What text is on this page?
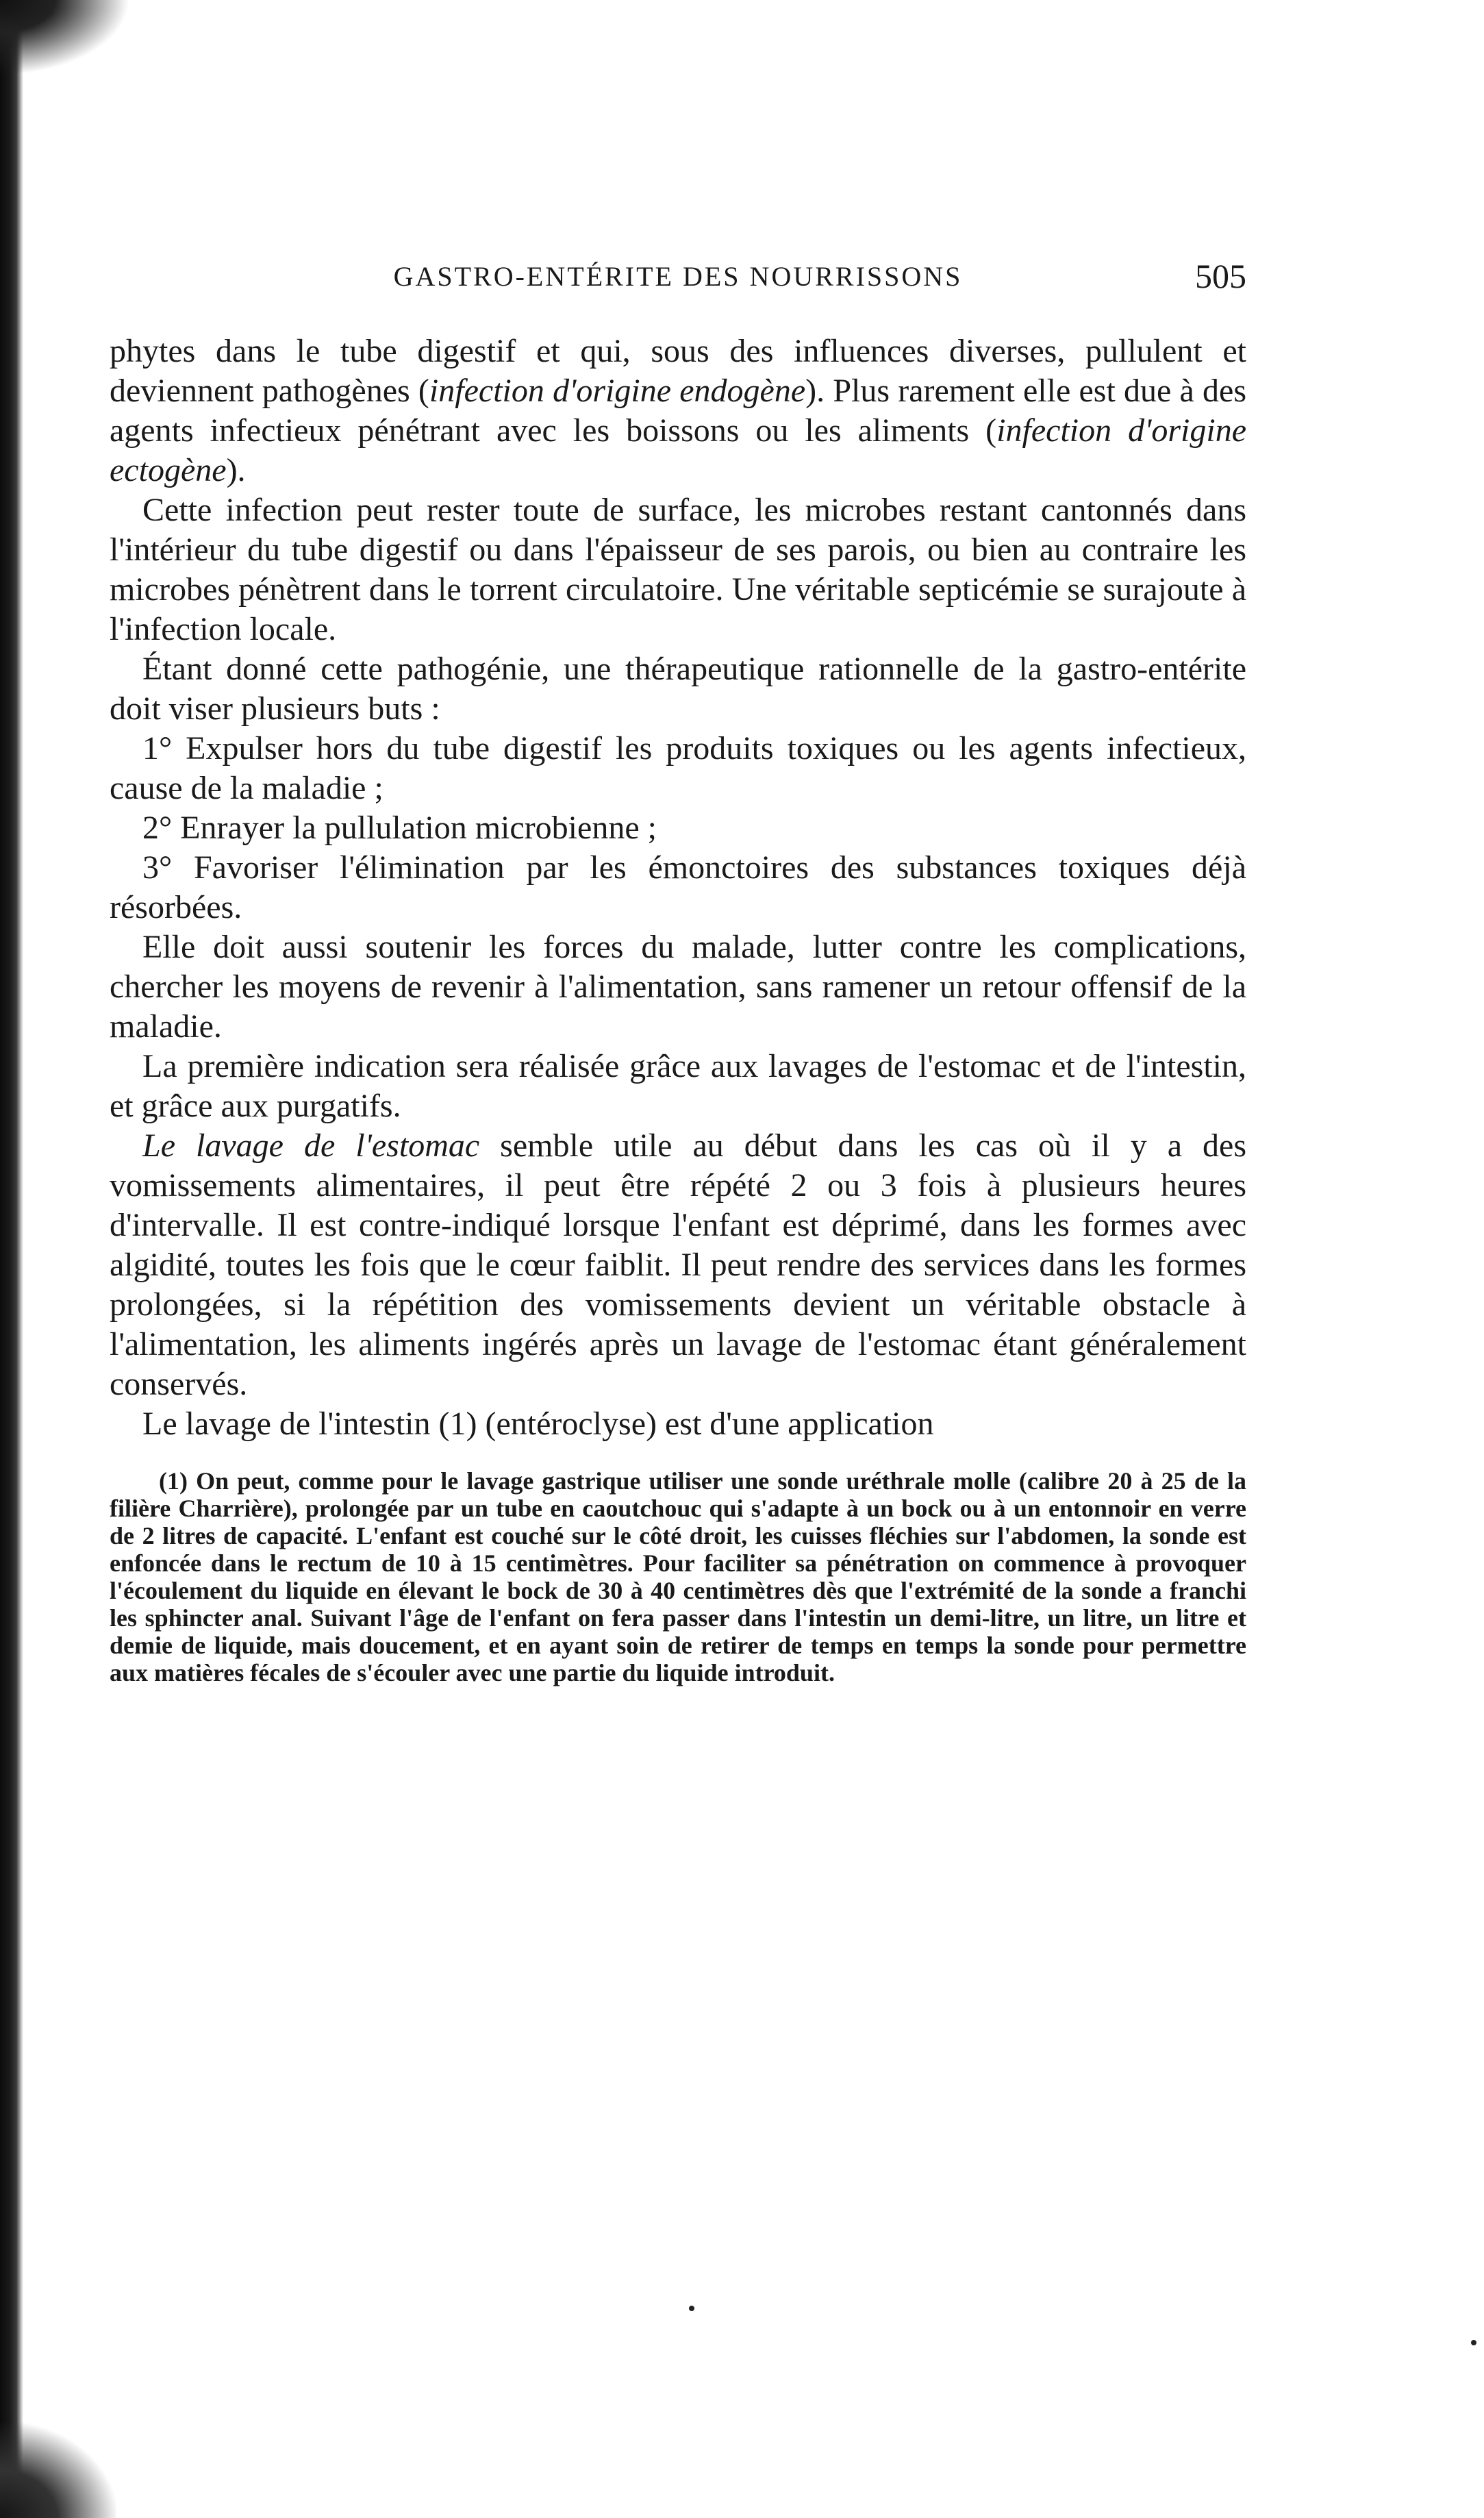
GASTRO-ENTÉRITE DES NOURRISSONS	505

phytes dans le tube digestif et qui, sous des influences diverses, pullulent et deviennent pathogènes (infection d'origine endogène). Plus rarement elle est due à des agents infectieux pénétrant avec les boissons ou les aliments (infection d'origine ectogène).

Cette infection peut rester toute de surface, les microbes restant cantonnés dans l'intérieur du tube digestif ou dans l'épaisseur de ses parois, ou bien au contraire les microbes pénètrent dans le torrent circulatoire. Une véritable septicémie se surajoute à l'infection locale.

Étant donné cette pathogénie, une thérapeutique rationnelle de la gastro-entérite doit viser plusieurs buts :

1° Expulser hors du tube digestif les produits toxiques ou les agents infectieux, cause de la maladie ;

2° Enrayer la pullulation microbienne ;

3° Favoriser l'élimination par les émonctoires des substances toxiques déjà résorbées.

Elle doit aussi soutenir les forces du malade, lutter contre les complications, chercher les moyens de revenir à l'alimentation, sans ramener un retour offensif de la maladie.

La première indication sera réalisée grâce aux lavages de l'estomac et de l'intestin, et grâce aux purgatifs.

Le lavage de l'estomac semble utile au début dans les cas où il y a des vomissements alimentaires, il peut être répété 2 ou 3 fois à plusieurs heures d'intervalle. Il est contre-indiqué lorsque l'enfant est déprimé, dans les formes avec algidité, toutes les fois que le cœur faiblit. Il peut rendre des services dans les formes prolongées, si la répétition des vomissements devient un véritable obstacle à l'alimentation, les aliments ingérés après un lavage de l'estomac étant généralement conservés.

Le lavage de l'intestin (1) (entéroclyse) est d'une application

(1) On peut, comme pour le lavage gastrique utiliser une sonde uréthrale molle (calibre 20 à 25 de la filière Charrière), prolongée par un tube en caoutchouc qui s'adapte à un bock ou à un entonnoir en verre de 2 litres de capacité. L'enfant est couché sur le côté droit, les cuisses fléchies sur l'abdomen, la sonde est enfoncée dans le rectum de 10 à 15 centimètres. Pour faciliter sa pénétration on commence à provoquer l'écoulement du liquide en élevant le bock de 30 à 40 centimètres dès que l'extrémité de la sonde a franchi les sphincter anal. Suivant l'âge de l'enfant on fera passer dans l'intestin un demi-litre, un litre, un litre et demie de liquide, mais doucement, et en ayant soin de retirer de temps en temps la sonde pour permettre aux matières fécales de s'écouler avec une partie du liquide introduit.
